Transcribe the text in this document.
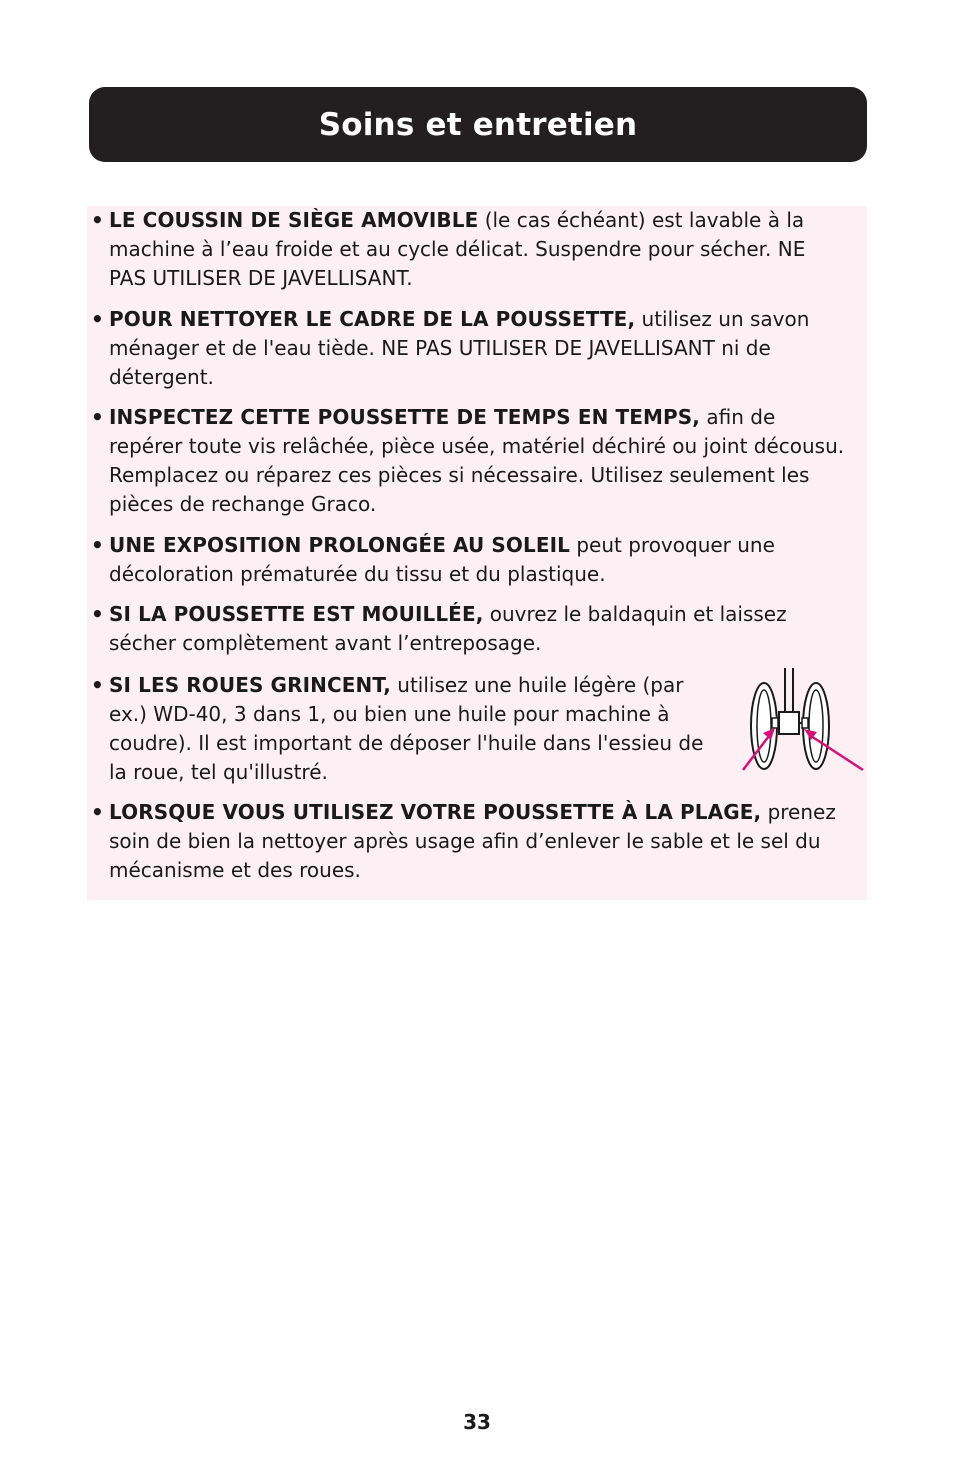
Soins et entretien
• LE COUSSIN DE SIÈGE AMOVIBLE (le cas échéant) est lavable à la machine à l’eau froide et au cycle délicat. Suspendre pour sécher. NE PAS UTILISER DE JAVELLISANT.
• POUR NETTOYER LE CADRE DE LA POUSSETTE, utilisez un savon ménager et de l'eau tiède. NE PAS UTILISER DE JAVELLISANT ni de détergent.
• INSPECTEZ CETTE POUSSETTE DE TEMPS EN TEMPS, afin de repérer toute vis relâchée, pièce usée, matériel déchiré ou joint décousu. Remplacez ou réparez ces pièces si nécessaire. Utilisez seulement les pièces de rechange Graco.
• UNE EXPOSITION PROLONGÉE AU SOLEIL peut provoquer une décoloration prématurée du tissu et du plastique.
• SI LA POUSSETTE EST MOUILLÉE, ouvrez le baldaquin et laissez sécher complètement avant l’entreposage.
• SI LES ROUES GRINCENT, utilisez une huile légère (par ex.) WD-40, 3 dans 1, ou bien une huile pour machine à coudre). Il est important de déposer l'huile dans l'essieu de la roue, tel qu'illustré.
• LORSQUE VOUS UTILISEZ VOTRE POUSSETTE À LA PLAGE, prenez soin de bien la nettoyer après usage afin d’enlever le sable et le sel du mécanisme et des roues.
33
